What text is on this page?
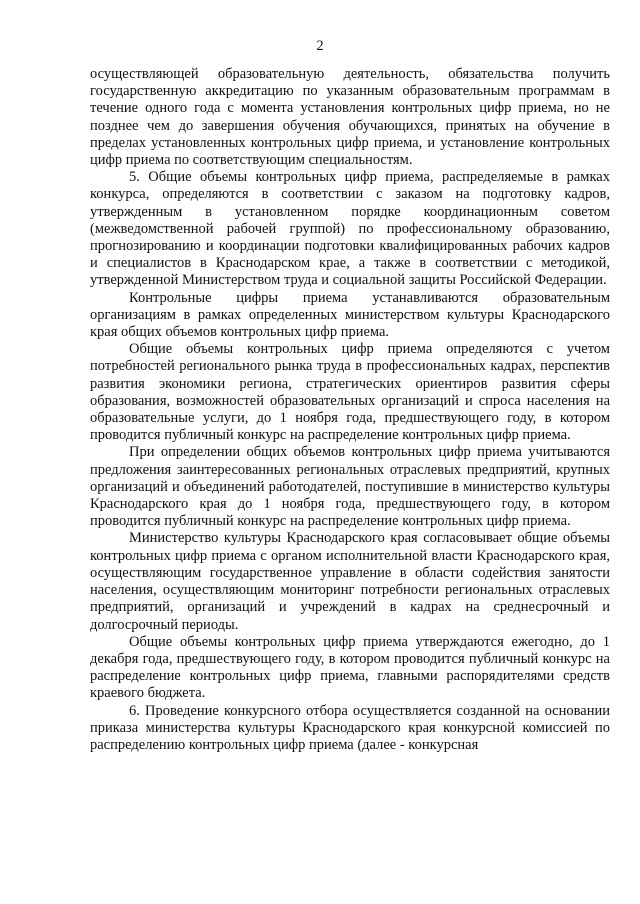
2

осуществляющей образовательную деятельность, обязательства получить государственную аккредитацию по указанным образовательным программам в течение одного года с момента установления контрольных цифр приема, но не позднее чем до завершения обучения обучающихся, принятых на обучение в пределах установленных контрольных цифр приема, и установление контрольных цифр приема по соответствующим специальностям.

5. Общие объемы контрольных цифр приема, распределяемые в рамках конкурса, определяются в соответствии с заказом на подготовку кадров, утвержденным в установленном порядке координационным советом (межведомственной рабочей группой) по профессиональному образованию, прогнозированию и координации подготовки квалифицированных рабочих кадров и специалистов в Краснодарском крае, а также в соответствии с методикой, утвержденной Министерством труда и социальной защиты Российской Федерации.

Контрольные цифры приема устанавливаются образовательным организациям в рамках определенных министерством культуры Краснодарского края общих объемов контрольных цифр приема.

Общие объемы контрольных цифр приема определяются с учетом потребностей регионального рынка труда в профессиональных кадрах, перспектив развития экономики региона, стратегических ориентиров развития сферы образования, возможностей образовательных организаций и спроса населения на образовательные услуги, до 1 ноября года, предшествующего году, в котором проводится публичный конкурс на распределение контрольных цифр приема.

При определении общих объемов контрольных цифр приема учитываются предложения заинтересованных региональных отраслевых предприятий, крупных организаций и объединений работодателей, поступившие в министерство культуры Краснодарского края до 1 ноября года, предшествующего году, в котором проводится публичный конкурс на распределение контрольных цифр приема.

Министерство культуры Краснодарского края согласовывает общие объемы контрольных цифр приема с органом исполнительной власти Краснодарского края, осуществляющим государственное управление в области содействия занятости населения, осуществляющим мониторинг потребности региональных отраслевых предприятий, организаций и учреждений в кадрах на среднесрочный и долгосрочный периоды.

Общие объемы контрольных цифр приема утверждаются ежегодно, до 1 декабря года, предшествующего году, в котором проводится публичный конкурс на распределение контрольных цифр приема, главными распорядителями средств краевого бюджета.

6. Проведение конкурсного отбора осуществляется созданной на основании приказа министерства культуры Краснодарского края конкурсной комиссией по распределению контрольных цифр приема (далее - конкурсная
